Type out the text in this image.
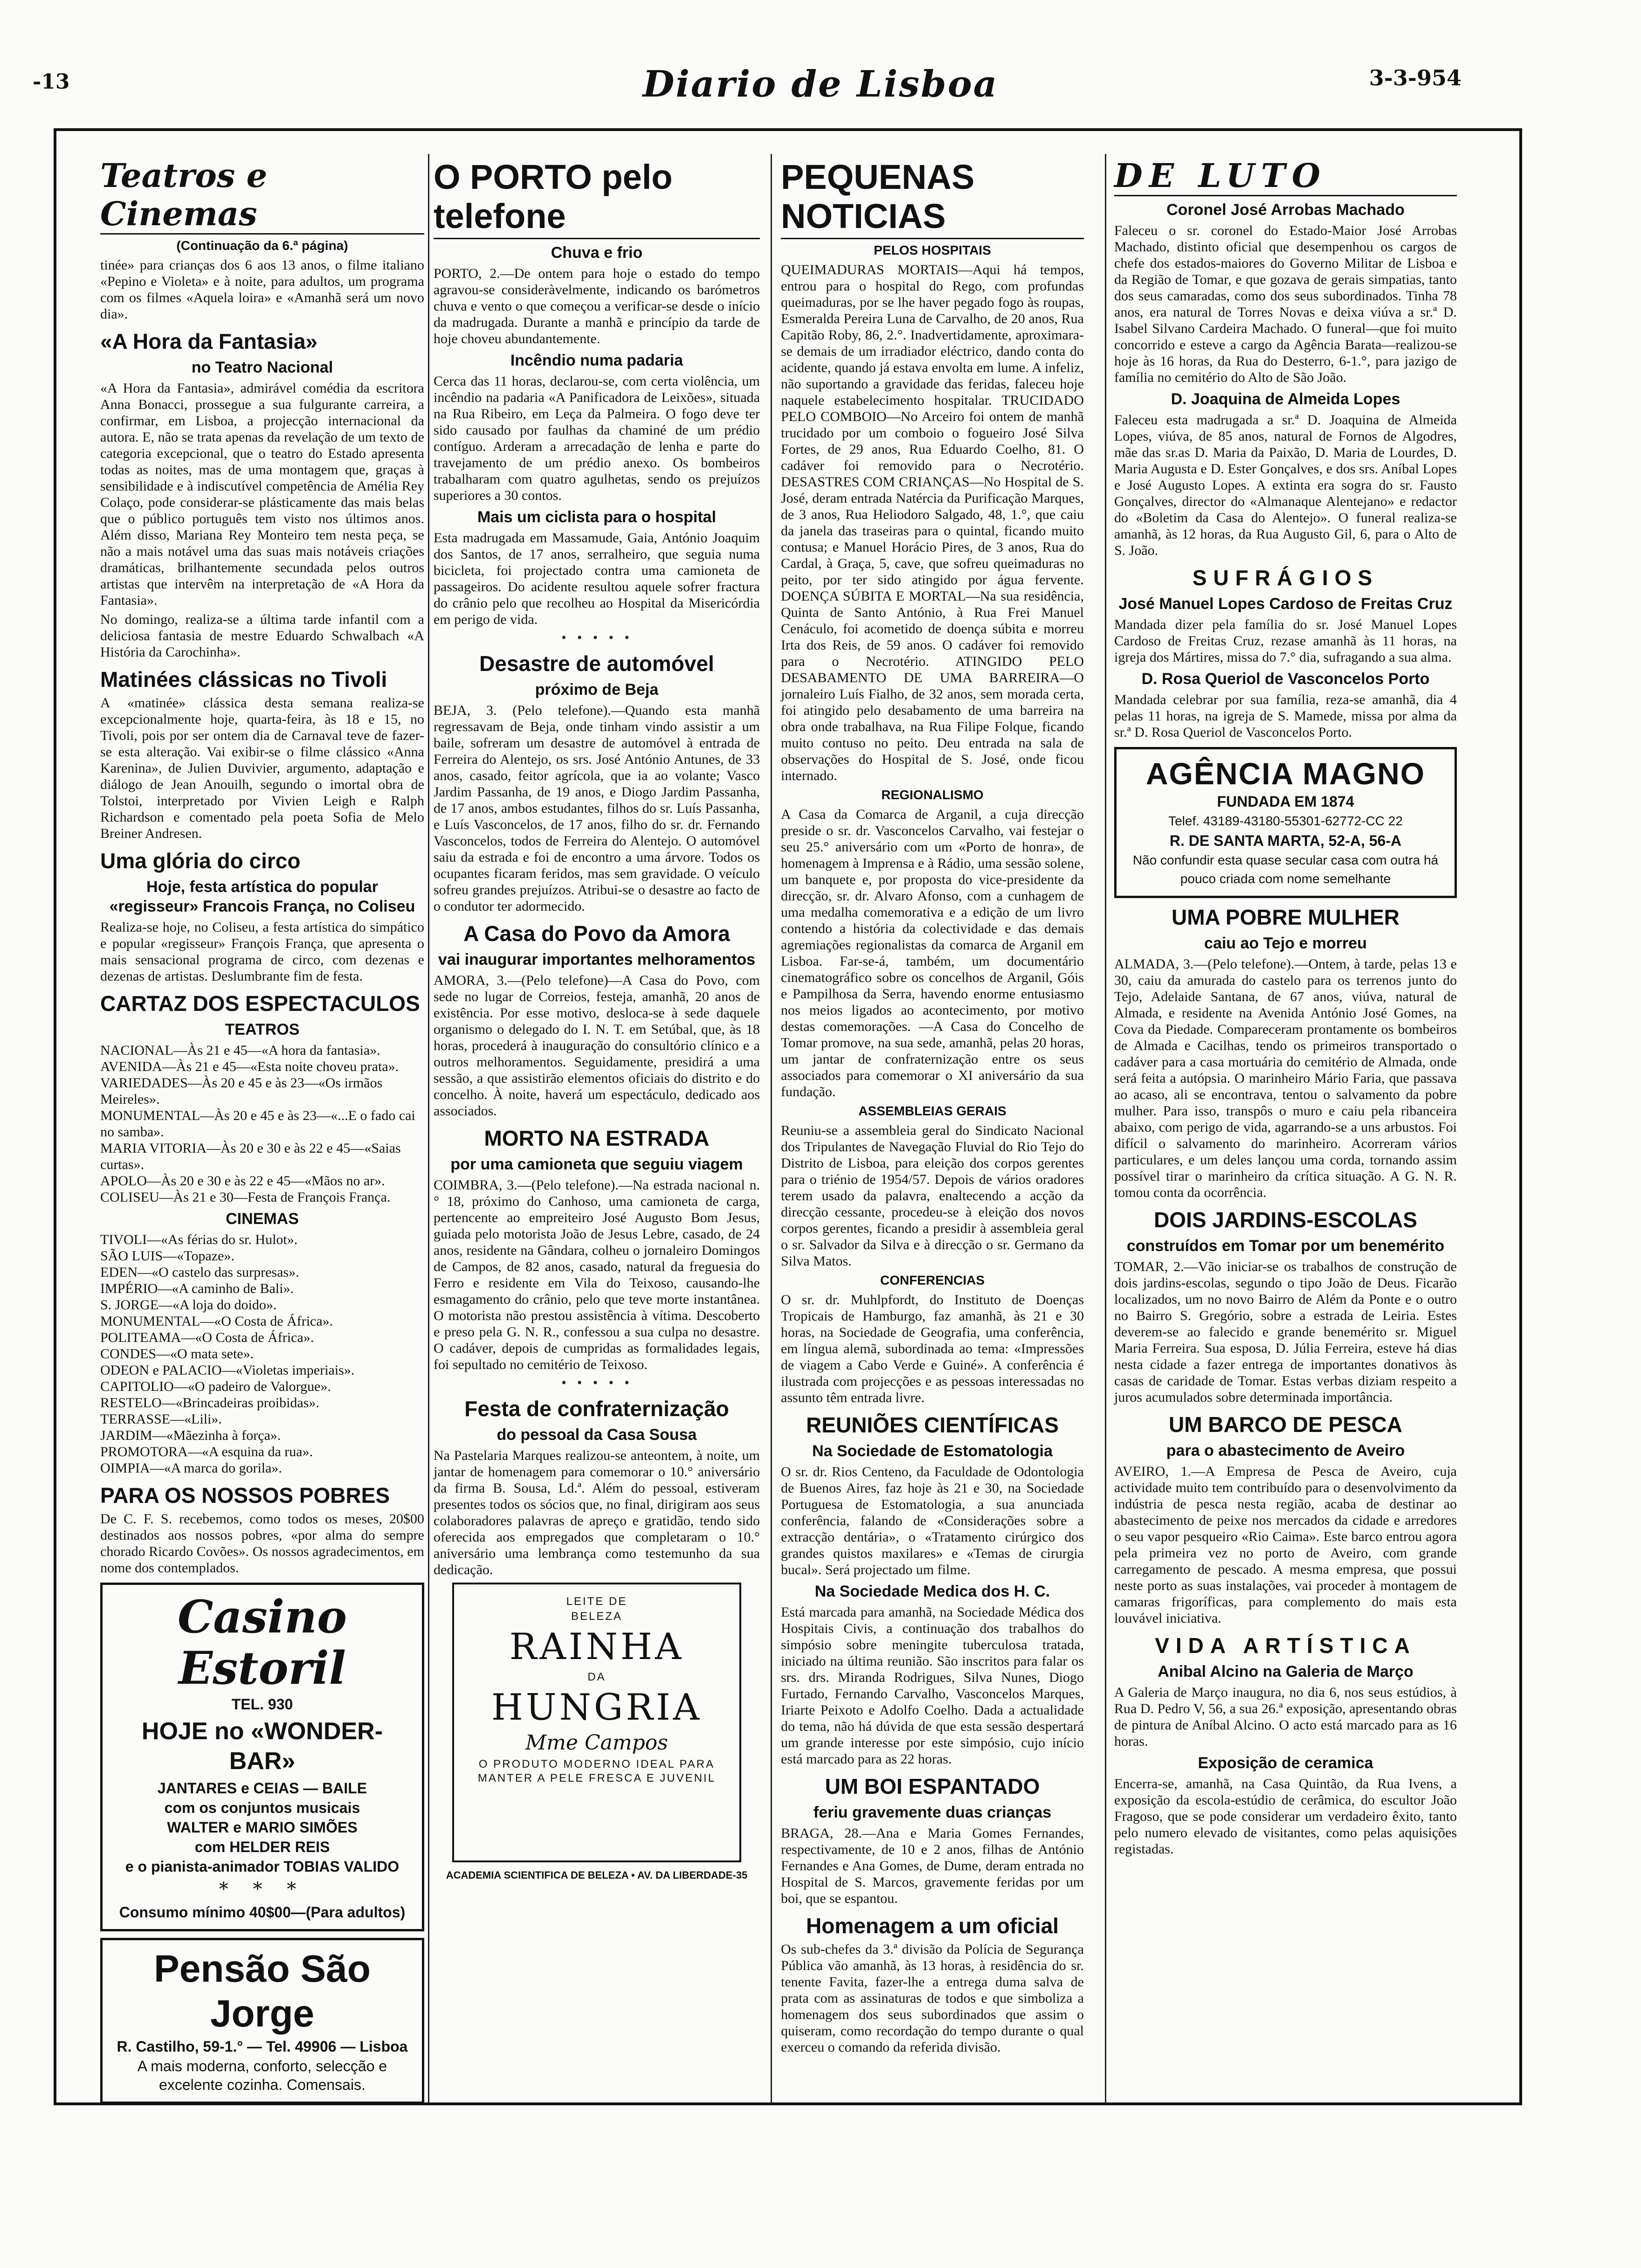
-13	Diario de Lisboa	3-3-954
Teatros e Cinemas
(Continuação da 6.ª página)

tinée» para crianças dos 6 aos 13 anos, o filme italiano «Pepino e Violeta» e à noite, para adultos, um programa com os filmes «Aquela loira» e «Amanhã será um novo dia».

«A Hora da Fantasia»
no Teatro Nacional

«A Hora da Fantasia», admirável comédia da escritora Anna Bonacci, prossegue a sua fulgurante carreira, a confirmar, em Lisboa, a projecção internacional da autora. E, não se trata apenas da revelação de um texto de categoria excepcional, que o teatro do Estado apresenta todas as noites, mas de uma montagem que, graças à sensibilidade e à indiscutível competência de Amélia Rey Colaço, pode considerar-se plásticamente das mais belas que o público português tem visto nos últimos anos. Além disso, Mariana Rey Monteiro tem nesta peça, se não a mais notável uma das suas mais notáveis criações dramáticas, brilhantemente secundada pelos outros artistas que intervêm na interpretação de «A Hora da Fantasia».

No domingo, realiza-se a última tarde infantil com a deliciosa fantasia de mestre Eduardo Schwalbach «A História da Carochinha».

Matinées clássicas no Tivoli

A «matinée» clássica desta semana realiza-se excepcionalmente hoje, quarta-feira, às 18 e 15, no Tivoli, pois por ser ontem dia de Carnaval teve de fazer-se esta alteração. Vai exibir-se o filme clássico «Anna Karenina», de Julien Duvivier, argumento, adaptação e diálogo de Jean Anouilh, segundo o imortal obra de Tolstoi, interpretado por Vivien Leigh e Ralph Richardson e comentado pela poeta Sofia de Melo Breiner Andresen.

Uma glória do circo
Hoje, festa artística do popular «regisseur» Francois França, no Coliseu

Realiza-se hoje, no Coliseu, a festa artística do simpático e popular «regisseur» François França, que apresenta o mais sensacional programa de circo, com dezenas e dezenas de artistas. Deslumbrante fim de festa.

CARTAZ DOS ESPECTACULOS
TEATROS
NACIONAL—Às 21 e 45—«A hora da fantasia».
AVENIDA—Às 21 e 45—«Esta noite choveu prata».
VARIEDADES—Às 20 e 45 e às 23—«Os irmãos Meireles».
MONUMENTAL—Às 20 e 45 e às 23—«...E o fado cai no samba».
MARIA VITORIA—Às 20 e 30 e às 22 e 45—«Saias curtas».
APOLO—Às 20 e 30 e às 22 e 45—«Mãos no ar».
COLISEU—Às 21 e 30—Festa de François França.
CINEMAS
TIVOLI—«As férias do sr. Hulot».
SÃO LUIS—«Topaze».
EDEN—«O castelo das surpresas».
IMPÉRIO—«A caminho de Bali».
S. JORGE—«A loja do doido».
MONUMENTAL—«O Costa de África».
POLITEAMA—«O Costa de África».
CONDES—«O mata sete».
ODEON e PALACIO—«Violetas imperiais».
CAPITOLIO—«O padeiro de Valorgue».
RESTELO—«Brincadeiras proibidas».
TERRASSE—«Lili».
JARDIM—«Mãezinha à força».
PROMOTORA—«A esquina da rua».
OIMPIA—«A marca do gorila».
PARA OS NOSSOS POBRES

De C. F. S. recebemos, como todos os meses, 20$00 destinados aos nossos pobres, «por alma do sempre chorado Ricardo Covões». Os nossos agradecimentos, em nome dos contemplados.

Casino Estoril
TEL. 930
HOJE no «WONDER-BAR»
JANTARES e CEIAS — BAILE
com os conjuntos musicais
WALTER e MARIO SIMÕES
com HELDER REIS
e o pianista-animador TOBIAS VALIDO
* * *
Consumo mínimo 40$00—(Para adultos)
Pensão São Jorge
R. Castilho, 59-1.° — Tel. 49906 — Lisboa
A mais moderna, conforto, selecção e excelente cozinha. Comensais.
O PORTO pelo telefone
Chuva e frio

PORTO, 2.—De ontem para hoje o estado do tempo agravou-se consideràvelmente, indicando os barómetros chuva e vento o que começou a verificar-se desde o início da madrugada. Durante a manhã e princípio da tarde de hoje choveu abundantemente.

Incêndio numa padaria

Cerca das 11 horas, declarou-se, com certa violência, um incêndio na padaria «A Panificadora de Leixões», situada na Rua Ribeiro, em Leça da Palmeira. O fogo deve ter sido causado por faulhas da chaminé de um prédio contíguo. Arderam a arrecadação de lenha e parte do travejamento de um prédio anexo. Os bombeiros trabalharam com quatro agulhetas, sendo os prejuízos superiores a 30 contos.

Mais um ciclista para o hospital

Esta madrugada em Massamude, Gaia, António Joaquim dos Santos, de 17 anos, serralheiro, que seguia numa bicicleta, foi projectado contra uma camioneta de passageiros. Do acidente resultou aquele sofrer fractura do crânio pelo que recolheu ao Hospital da Misericórdia em perigo de vida.

• • • • •
Desastre de automóvel
próximo de Beja

BEJA, 3. (Pelo telefone).—Quando esta manhã regressavam de Beja, onde tinham vindo assistir a um baile, sofreram um desastre de automóvel à entrada de Ferreira do Alentejo, os srs. José António Antunes, de 33 anos, casado, feitor agrícola, que ia ao volante; Vasco Jardim Passanha, de 19 anos, e Diogo Jardim Passanha, de 17 anos, ambos estudantes, filhos do sr. Luís Passanha, e Luís Vasconcelos, de 17 anos, filho do sr. dr. Fernando Vasconcelos, todos de Ferreira do Alentejo. O automóvel saiu da estrada e foi de encontro a uma árvore. Todos os ocupantes ficaram feridos, mas sem gravidade. O veículo sofreu grandes prejuízos. Atribui-se o desastre ao facto de o condutor ter adormecido.

A Casa do Povo da Amora
vai inaugurar importantes melhoramentos

AMORA, 3.—(Pelo telefone)—A Casa do Povo, com sede no lugar de Correios, festeja, amanhã, 20 anos de existência. Por esse motivo, desloca-se à sede daquele organismo o delegado do I. N. T. em Setúbal, que, às 18 horas, procederá à inauguração do consultório clínico e a outros melhoramentos. Seguidamente, presidirá a uma sessão, a que assistirão elementos oficiais do distrito e do concelho. À noite, haverá um espectáculo, dedicado aos associados.

MORTO NA ESTRADA
por uma camioneta que seguiu viagem

COIMBRA, 3.—(Pelo telefone).—Na estrada nacional n.° 18, próximo do Canhoso, uma camioneta de carga, pertencente ao empreiteiro José Augusto Bom Jesus, guiada pelo motorista João de Jesus Lebre, casado, de 24 anos, residente na Gândara, colheu o jornaleiro Domingos de Campos, de 82 anos, casado, natural da freguesia do Ferro e residente em Vila do Teixoso, causando-lhe esmagamento do crânio, pelo que teve morte instantânea. O motorista não prestou assistência à vítima. Descoberto e preso pela G. N. R., confessou a sua culpa no desastre. O cadáver, depois de cumpridas as formalidades legais, foi sepultado no cemitério de Teixoso.

• • • • •
Festa de confraternização
do pessoal da Casa Sousa

Na Pastelaria Marques realizou-se anteontem, à noite, um jantar de homenagem para comemorar o 10.° aniversário da firma B. Sousa, Ld.ª. Além do pessoal, estiveram presentes todos os sócios que, no final, dirigiram aos seus colaboradores palavras de apreço e gratidão, tendo sido oferecida aos empregados que completaram o 10.° aniversário uma lembrança como testemunho da sua dedicação.

LEITE DE
BELEZA
RAINHA
DA
HUNGRIA
Mme Campos
O PRODUTO MODERNO IDEAL PARA MANTER A PELE FRESCA E JUVENIL
ACADEMIA SCIENTIFICA DE BELEZA • AV. DA LIBERDADE-35
PEQUENAS NOTICIAS
PELOS HOSPITAIS

QUEIMADURAS MORTAIS—Aqui há tempos, entrou para o hospital do Rego, com profundas queimaduras, por se lhe haver pegado fogo às roupas, Esmeralda Pereira Luna de Carvalho, de 20 anos, Rua Capitão Roby, 86, 2.°. Inadvertidamente, aproximara-se demais de um irradiador eléctrico, dando conta do acidente, quando já estava envolta em lume. A infeliz, não suportando a gravidade das feridas, faleceu hoje naquele estabelecimento hospitalar. TRUCIDADO PELO COMBOIO—No Arceiro foi ontem de manhã trucidado por um comboio o fogueiro José Silva Fortes, de 29 anos, Rua Eduardo Coelho, 81. O cadáver foi removido para o Necrotério. DESASTRES COM CRIANÇAS—No Hospital de S. José, deram entrada Natércia da Purificação Marques, de 3 anos, Rua Heliodoro Salgado, 48, 1.°, que caiu da janela das traseiras para o quintal, ficando muito contusa; e Manuel Horácio Pires, de 3 anos, Rua do Cardal, à Graça, 5, cave, que sofreu queimaduras no peito, por ter sido atingido por água fervente. DOENÇA SÚBITA E MORTAL—Na sua residência, Quinta de Santo António, à Rua Frei Manuel Cenáculo, foi acometido de doença súbita e morreu Irta dos Reis, de 59 anos. O cadáver foi removido para o Necrotério. ATINGIDO PELO DESABAMENTO DE UMA BARREIRA—O jornaleiro Luís Fialho, de 32 anos, sem morada certa, foi atingido pelo desabamento de uma barreira na obra onde trabalhava, na Rua Filipe Folque, ficando muito contuso no peito. Deu entrada na sala de observações do Hospital de S. José, onde ficou internado.

REGIONALISMO

A Casa da Comarca de Arganil, a cuja direcção preside o sr. dr. Vasconcelos Carvalho, vai festejar o seu 25.° aniversário com um «Porto de honra», de homenagem à Imprensa e à Rádio, uma sessão solene, um banquete e, por proposta do vice-presidente da direcção, sr. dr. Alvaro Afonso, com a cunhagem de uma medalha comemorativa e a edição de um livro contendo a história da colectividade e das demais agremiações regionalistas da comarca de Arganil em Lisboa. Far-se-á, também, um documentário cinematográfico sobre os concelhos de Arganil, Góis e Pampilhosa da Serra, havendo enorme entusiasmo nos meios ligados ao acontecimento, por motivo destas comemorações. —A Casa do Concelho de Tomar promove, na sua sede, amanhã, pelas 20 horas, um jantar de confraternização entre os seus associados para comemorar o XI aniversário da sua fundação.

ASSEMBLEIAS GERAIS

Reuniu-se a assembleia geral do Sindicato Nacional dos Tripulantes de Navegação Fluvial do Rio Tejo do Distrito de Lisboa, para eleição dos corpos gerentes para o triénio de 1954/57. Depois de vários oradores terem usado da palavra, enaltecendo a acção da direcção cessante, procedeu-se à eleição dos novos corpos gerentes, ficando a presidir à assembleia geral o sr. Salvador da Silva e à direcção o sr. Germano da Silva Matos.

CONFERENCIAS

O sr. dr. Muhlpfordt, do Instituto de Doenças Tropicais de Hamburgo, faz amanhã, às 21 e 30 horas, na Sociedade de Geografia, uma conferência, em língua alemã, subordinada ao tema: «Impressões de viagem a Cabo Verde e Guiné». A conferência é ilustrada com projecções e as pessoas interessadas no assunto têm entrada livre.

REUNIÕES CIENTÍFICAS
Na Sociedade de Estomatologia

O sr. dr. Rios Centeno, da Faculdade de Odontologia de Buenos Aires, faz hoje às 21 e 30, na Sociedade Portuguesa de Estomatologia, a sua anunciada conferência, falando de «Considerações sobre a extracção dentária», o «Tratamento cirúrgico dos grandes quistos maxilares» e «Temas de cirurgia bucal». Será projectado um filme.

Na Sociedade Medica dos H. C.

Está marcada para amanhã, na Sociedade Médica dos Hospitais Civis, a continuação dos trabalhos do simpósio sobre meningite tuberculosa tratada, iniciado na última reunião. São inscritos para falar os srs. drs. Miranda Rodrigues, Silva Nunes, Diogo Furtado, Fernando Carvalho, Vasconcelos Marques, Iriarte Peixoto e Adolfo Coelho. Dada a actualidade do tema, não há dúvida de que esta sessão despertará um grande interesse por este simpósio, cujo início está marcado para as 22 horas.

UM BOI ESPANTADO
feriu gravemente duas crianças

BRAGA, 28.—Ana e Maria Gomes Fernandes, respectivamente, de 10 e 2 anos, filhas de António Fernandes e Ana Gomes, de Dume, deram entrada no Hospital de S. Marcos, gravemente feridas por um boi, que se espantou.

Homenagem a um oficial

Os sub-chefes da 3.ª divisão da Polícia de Segurança Pública vão amanhã, às 13 horas, à residência do sr. tenente Favita, fazer-lhe a entrega duma salva de prata com as assinaturas de todos e que simboliza a homenagem dos seus subordinados que assim o quiseram, como recordação do tempo durante o qual exerceu o comando da referida divisão.

DE LUTO
Coronel José Arrobas Machado

Faleceu o sr. coronel do Estado-Maior José Arrobas Machado, distinto oficial que desempenhou os cargos de chefe dos estados-maiores do Governo Militar de Lisboa e da Região de Tomar, e que gozava de gerais simpatias, tanto dos seus camaradas, como dos seus subordinados. Tinha 78 anos, era natural de Torres Novas e deixa viúva a sr.ª D. Isabel Silvano Cardeira Machado. O funeral—que foi muito concorrido e esteve a cargo da Agência Barata—realizou-se hoje às 16 horas, da Rua do Desterro, 6-1.°, para jazigo de família no cemitério do Alto de São João.

D. Joaquina de Almeida Lopes

Faleceu esta madrugada a sr.ª D. Joaquina de Almeida Lopes, viúva, de 85 anos, natural de Fornos de Algodres, mãe das sr.as D. Maria da Paixão, D. Maria de Lourdes, D. Maria Augusta e D. Ester Gonçalves, e dos srs. Aníbal Lopes e José Augusto Lopes. A extinta era sogra do sr. Fausto Gonçalves, director do «Almanaque Alentejano» e redactor do «Boletim da Casa do Alentejo». O funeral realiza-se amanhã, às 12 horas, da Rua Augusto Gil, 6, para o Alto de S. João.

SUFRÁGIOS
José Manuel Lopes Cardoso de Freitas Cruz

Mandada dizer pela família do sr. José Manuel Lopes Cardoso de Freitas Cruz, rezase amanhã às 11 horas, na igreja dos Mártires, missa do 7.° dia, sufragando a sua alma.

D. Rosa Queriol de Vasconcelos Porto

Mandada celebrar por sua família, reza-se amanhã, dia 4 pelas 11 horas, na igreja de S. Mamede, missa por alma da sr.ª D. Rosa Queriol de Vasconcelos Porto.

AGÊNCIA MAGNO
FUNDADA EM 1874
Telef. 43189-43180-55301-62772-CC 22
R. DE SANTA MARTA, 52-A, 56-A
Não confundir esta quase secular casa com outra há pouco criada com nome semelhante
UMA POBRE MULHER
caiu ao Tejo e morreu

ALMADA, 3.—(Pelo telefone).—Ontem, à tarde, pelas 13 e 30, caiu da amurada do castelo para os terrenos junto do Tejo, Adelaide Santana, de 67 anos, viúva, natural de Almada, e residente na Avenida António José Gomes, na Cova da Piedade. Compareceram prontamente os bombeiros de Almada e Cacilhas, tendo os primeiros transportado o cadáver para a casa mortuária do cemitério de Almada, onde será feita a autópsia. O marinheiro Mário Faria, que passava ao acaso, ali se encontrava, tentou o salvamento da pobre mulher. Para isso, transpôs o muro e caiu pela ribanceira abaixo, com perigo de vida, agarrando-se a uns arbustos. Foi difícil o salvamento do marinheiro. Acorreram vários particulares, e um deles lançou uma corda, tornando assim possível tirar o marinheiro da crítica situação. A G. N. R. tomou conta da ocorrência.

DOIS JARDINS-ESCOLAS
construídos em Tomar por um benemérito

TOMAR, 2.—Vão iniciar-se os trabalhos de construção de dois jardins-escolas, segundo o tipo João de Deus. Ficarão localizados, um no novo Bairro de Além da Ponte e o outro no Bairro S. Gregório, sobre a estrada de Leiria. Estes deverem-se ao falecido e grande benemérito sr. Miguel Maria Ferreira. Sua esposa, D. Júlia Ferreira, esteve há dias nesta cidade a fazer entrega de importantes donativos às casas de caridade de Tomar. Estas verbas diziam respeito a juros acumulados sobre determinada importância.

UM BARCO DE PESCA
para o abastecimento de Aveiro

AVEIRO, 1.—A Empresa de Pesca de Aveiro, cuja actividade muito tem contribuído para o desenvolvimento da indústria de pesca nesta região, acaba de destinar ao abastecimento de peixe nos mercados da cidade e arredores o seu vapor pesqueiro «Rio Caima». Este barco entrou agora pela primeira vez no porto de Aveiro, com grande carregamento de pescado. A mesma empresa, que possui neste porto as suas instalações, vai proceder à montagem de camaras frigoríficas, para complemento do mais esta louvável iniciativa.

VIDA ARTÍSTICA
Anibal Alcino na Galeria de Março

A Galeria de Março inaugura, no dia 6, nos seus estúdios, à Rua D. Pedro V, 56, a sua 26.ª exposição, apresentando obras de pintura de Aníbal Alcino. O acto está marcado para as 16 horas.

Exposição de ceramica

Encerra-se, amanhã, na Casa Quintão, da Rua Ivens, a exposição da escola-estúdio de cerâmica, do escultor João Fragoso, que se pode considerar um verdadeiro êxito, tanto pelo numero elevado de visitantes, como pelas aquisições registadas.
